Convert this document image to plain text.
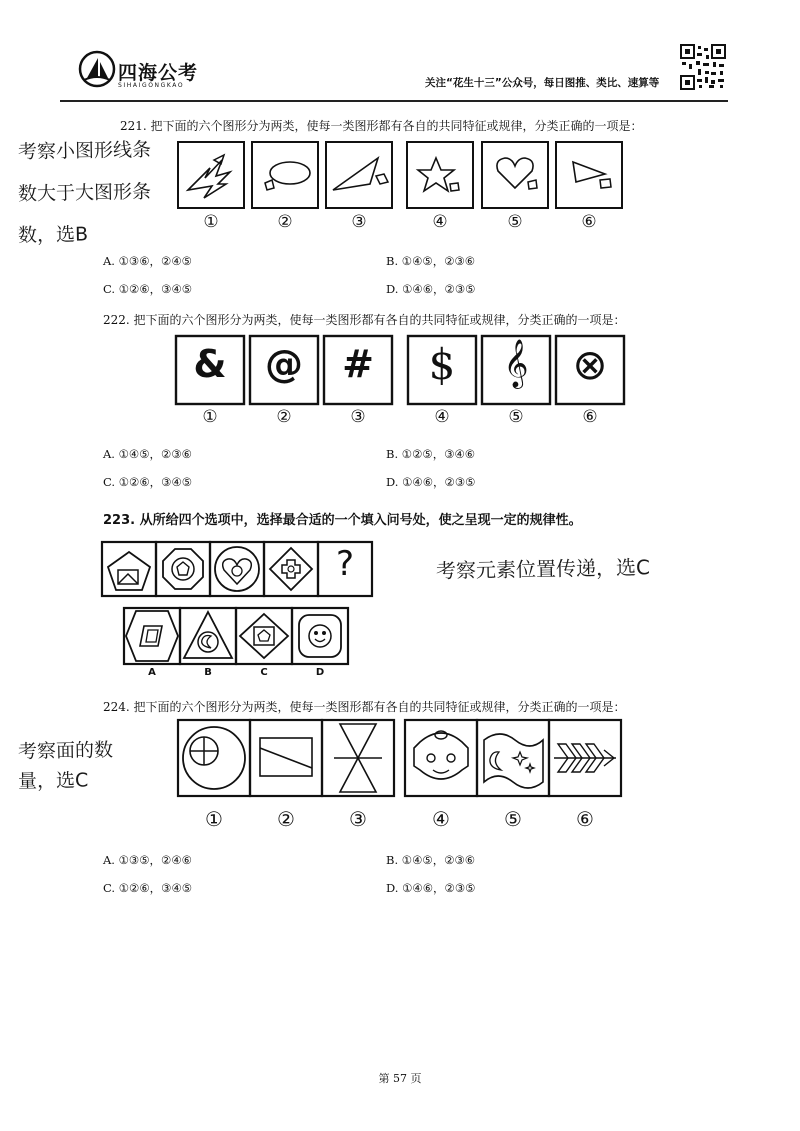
四海公考
SIHAIGONGKAO	关注“花生十三”公众号，每日图推、类比、速算等
221. 把下面的六个图形分为两类，使每一类图形都有各自的共同特征或规律，分类正确的一项是：
考察小图形线条
数大于大图形条
数，选B
①	②	③	④	⑤	⑥
A. ①③⑥，②④⑤	B. ①④⑤，②③⑥
C. ①②⑥，③④⑤	D. ①④⑥，②③⑤
222. 把下面的六个图形分为两类，使每一类图形都有各自的共同特征或规律，分类正确的一项是：
&	@	#	$	𝄞	⊗
①	②	③	④	⑤	⑥
A. ①④⑤，②③⑥	B. ①②⑤，③④⑥
C. ①②⑥，③④⑤	D. ①④⑥，②③⑤
223. 从所给四个选项中，选择最合适的一个填入问号处，使之呈现一定的规律性。
考察元素位置传递，选C
?
A	B	C	D
224. 把下面的六个图形分为两类，使每一类图形都有各自的共同特征或规律，分类正确的一项是：
考察面的数
量，选C
①	②	③	④	⑤	⑥
A. ①③⑤，②④⑥	B. ①④⑤，②③⑥
C. ①②⑥，③④⑤	D. ①④⑥，②③⑤
第 57 页
